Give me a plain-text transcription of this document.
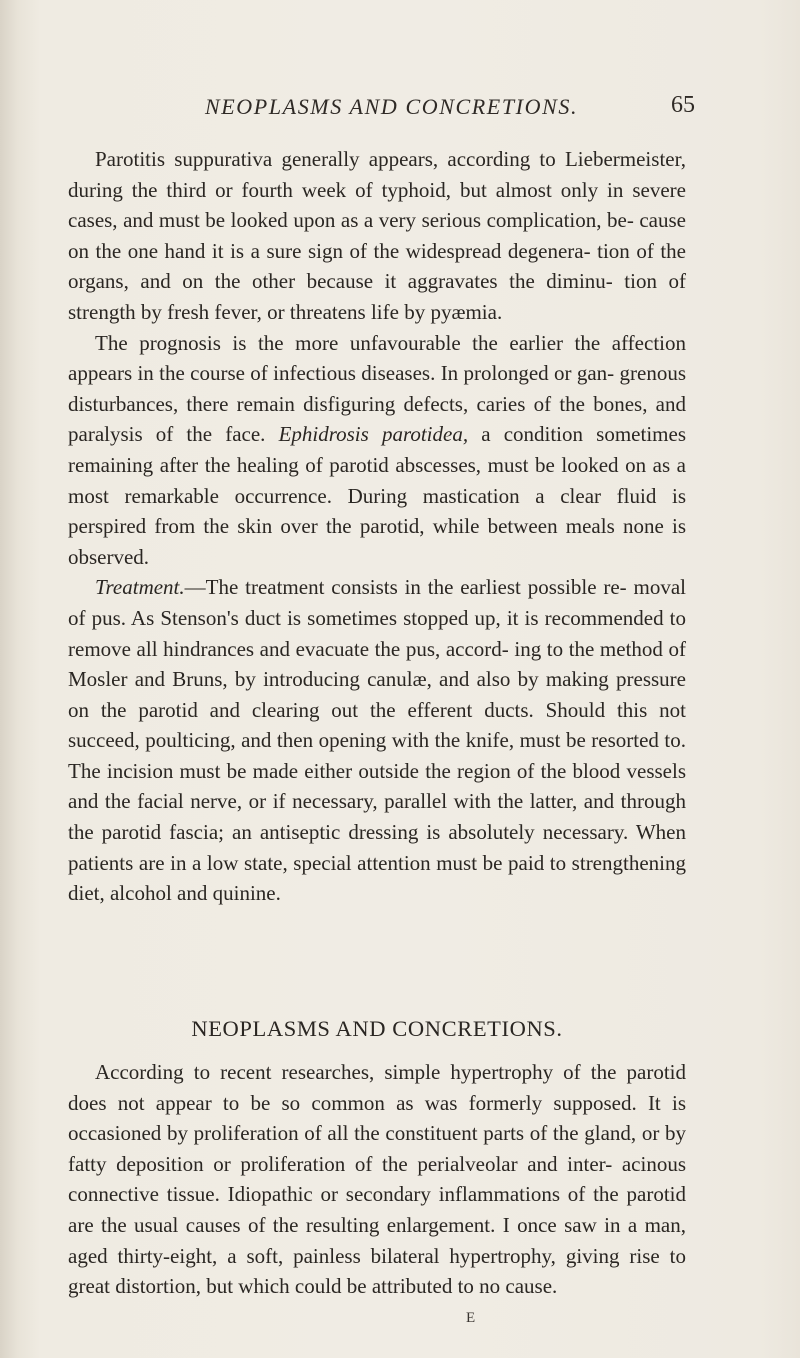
NEOPLASMS AND CONCRETIONS.	65

Parotitis suppurativa generally appears, according to Liebermeister, during the third or fourth week of typhoid, but almost only in severe cases, and must be looked upon as a very serious complication, be- cause on the one hand it is a sure sign of the widespread degenera- tion of the organs, and on the other because it aggravates the diminu- tion of strength by fresh fever, or threatens life by pyæmia.

The prognosis is the more unfavourable the earlier the affection appears in the course of infectious diseases. In prolonged or gan- grenous disturbances, there remain disfiguring defects, caries of the bones, and paralysis of the face. Ephidrosis parotidea, a condition sometimes remaining after the healing of parotid abscesses, must be looked on as a most remarkable occurrence. During mastication a clear fluid is perspired from the skin over the parotid, while between meals none is observed.

Treatment.—The treatment consists in the earliest possible re- moval of pus. As Stenson's duct is sometimes stopped up, it is recommended to remove all hindrances and evacuate the pus, accord- ing to the method of Mosler and Bruns, by introducing canulæ, and also by making pressure on the parotid and clearing out the efferent ducts. Should this not succeed, poulticing, and then opening with the knife, must be resorted to. The incision must be made either outside the region of the blood vessels and the facial nerve, or if necessary, parallel with the latter, and through the parotid fascia; an antiseptic dressing is absolutely necessary. When patients are in a low state, special attention must be paid to strengthening diet, alcohol and quinine.

NEOPLASMS AND CONCRETIONS.

According to recent researches, simple hypertrophy of the parotid does not appear to be so common as was formerly supposed. It is occasioned by proliferation of all the constituent parts of the gland, or by fatty deposition or proliferation of the perialveolar and inter- acinous connective tissue. Idiopathic or secondary inflammations of the parotid are the usual causes of the resulting enlargement. I once saw in a man, aged thirty-eight, a soft, painless bilateral hypertrophy, giving rise to great distortion, but which could be attributed to no cause.

E
